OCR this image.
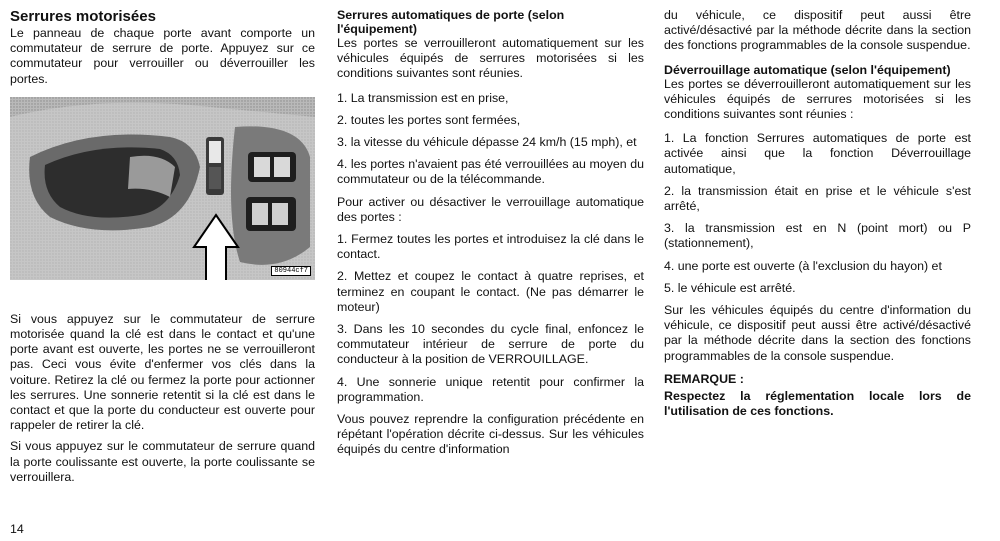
Serrures motorisées

Le panneau de chaque porte avant comporte un commutateur de serrure de porte. Appuyez sur ce commutateur pour verrouiller ou déverrouiller les portes.

80944cf7

Si vous appuyez sur le commutateur de serrure motorisée quand la clé est dans le contact et qu'une porte avant est ouverte, les portes ne se verrouilleront pas. Ceci vous évite d'enfermer vos clés dans la voiture. Retirez la clé ou fermez la porte pour actionner les serrures. Une sonnerie retentit si la clé est dans le contact et que la porte du conducteur est ouverte pour rappeler de retirer la clé.

Si vous appuyez sur le commutateur de serrure quand la porte coulissante est ouverte, la porte coulissante se verrouillera.

Serrures automatiques de porte (selon l'équipement)

Les portes se verrouilleront automatiquement sur les véhicules équipés de serrures motorisées si les conditions suivantes sont réunies.

1. La transmission est en prise,

2. toutes les portes sont fermées,

3. la vitesse du véhicule dépasse 24 km/h (15 mph), et

4. les portes n'avaient pas été verrouillées au moyen du commutateur ou de la télécommande.

Pour activer ou désactiver le verrouillage automatique des portes :

1. Fermez toutes les portes et introduisez la clé dans le contact.

2. Mettez et coupez le contact à quatre reprises, et terminez en coupant le contact. (Ne pas démarrer le moteur)

3. Dans les 10 secondes du cycle final, enfoncez le commutateur intérieur de serrure de porte du conducteur à la position de VERROUILLAGE.

4. Une sonnerie unique retentit pour confirmer la programmation.

Vous pouvez reprendre la configuration précédente en répétant l'opération décrite ci-dessus. Sur les véhicules équipés du centre d'information

du véhicule, ce dispositif peut aussi être activé/désactivé par la méthode décrite dans la section des fonctions programmables de la console suspendue.

Déverrouillage automatique (selon l'équipement)

Les portes se déverrouilleront automatiquement sur les véhicules équipés de serrures motorisées si les conditions suivantes sont réunies :

1. La fonction Serrures automatiques de porte est activée ainsi que la fonction Déverrouillage automatique,

2. la transmission était en prise et le véhicule s'est arrêté,

3. la transmission est en N (point mort) ou P (stationnement),

4. une porte est ouverte (à l'exclusion du hayon) et

5. le véhicule est arrêté.

Sur les véhicules équipés du centre d'information du véhicule, ce dispositif peut aussi être activé/désactivé par la méthode décrite dans la section des fonctions programmables de la console suspendue.

REMARQUE :
Respectez la réglementation locale lors de l'utilisation de ces fonctions.
14
